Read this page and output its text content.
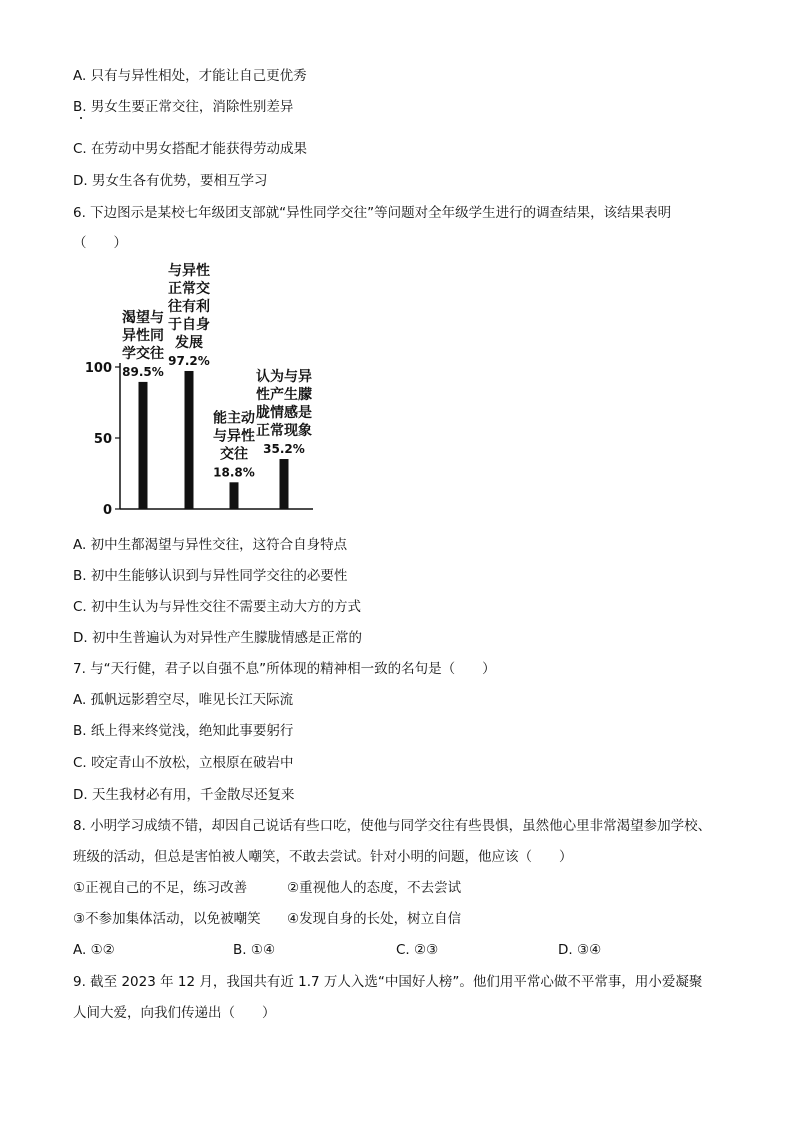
A. 只有与异性相处，才能让自己更优秀
B. 男女生要正常交往，消除性别差异
C. 在劳动中男女搭配才能获得劳动成果
D. 男女生各有优势，要相互学习
6. 下边图示是某校七年级团支部就“异性同学交往”等问题对全年级学生进行的调查结果，该结果表明
（　　）
100
50
0
89.5%
渴望与
异性同
学交往 97.2%
与异性
正常交
往有利
于自身
发展
18.8%
能主动
与异性
交往 35.2%
认为与异
性产生朦
胧情感是
正常现象
A. 初中生都渴望与异性交往，这符合自身特点
B. 初中生能够认识到与异性同学交往的必要性
C. 初中生认为与异性交往不需要主动大方的方式
D. 初中生普遍认为对异性产生朦胧情感是正常的
7. 与“天行健，君子以自强不息”所体现的精神相一致的名句是（　　）
A. 孤帆远影碧空尽，唯见长江天际流
B. 纸上得来终觉浅，绝知此事要躬行
C. 咬定青山不放松，立根原在破岩中
D. 天生我材必有用，千金散尽还复来
8. 小明学习成绩不错，却因自己说话有些口吃，使他与同学交往有些畏惧，虽然他心里非常渴望参加学校、
班级的活动，但总是害怕被人嘲笑，不敢去尝试。针对小明的问题，他应该（　　）
①正视自己的不足，练习改善	②重视他人的态度，不去尝试
③不参加集体活动，以免被嘲笑 ④发现自身的长处，树立自信
A. ①②	B. ①④	C. ②③	D. ③④
9. 截至 2023 年 12 月，我国共有近 1.7 万人入选“中国好人榜”。他们用平常心做不平常事，用小爱凝聚
人间大爱，向我们传递出（　　）
